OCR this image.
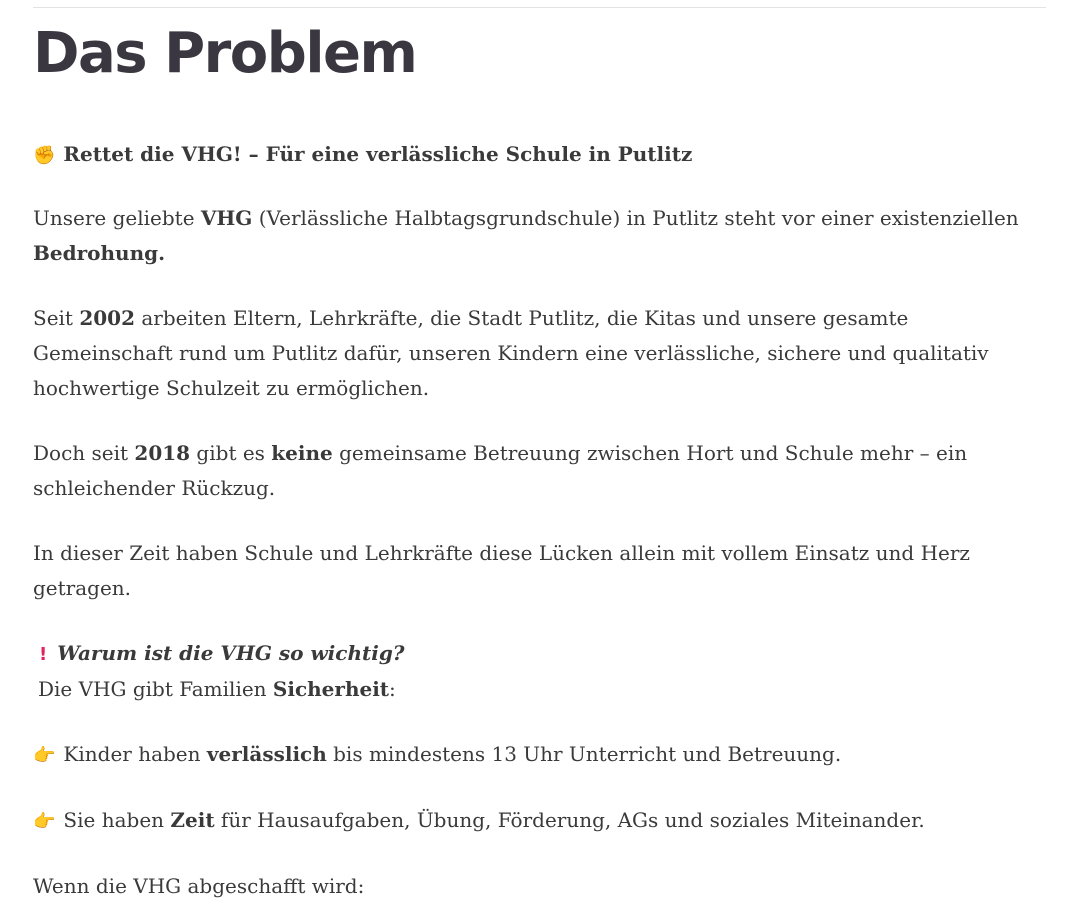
Das Problem

✊ Rettet die VHG! – Für eine verlässliche Schule in Putlitz

Unsere geliebte VHG (Verlässliche Halbtagsgrundschule) in Putlitz steht vor einer existenziellen Bedrohung.

Seit 2002 arbeiten Eltern, Lehrkräfte, die Stadt Putlitz, die Kitas und unsere gesamte Gemeinschaft rund um Putlitz dafür, unseren Kindern eine verlässliche, sichere und qualitativ hochwertige Schulzeit zu ermöglichen.

Doch seit 2018 gibt es keine gemeinsame Betreuung zwischen Hort und Schule mehr – ein schleichender Rückzug.

In dieser Zeit haben Schule und Lehrkräfte diese Lücken allein mit vollem Einsatz und Herz getragen.

! Warum ist die VHG so wichtig?
Die VHG gibt Familien Sicherheit:

👉 Kinder haben verlässlich bis mindestens 13 Uhr Unterricht und Betreuung.

👉 Sie haben Zeit für Hausaufgaben, Übung, Förderung, AGs und soziales Miteinander.

Wenn die VHG abgeschafft wird:
